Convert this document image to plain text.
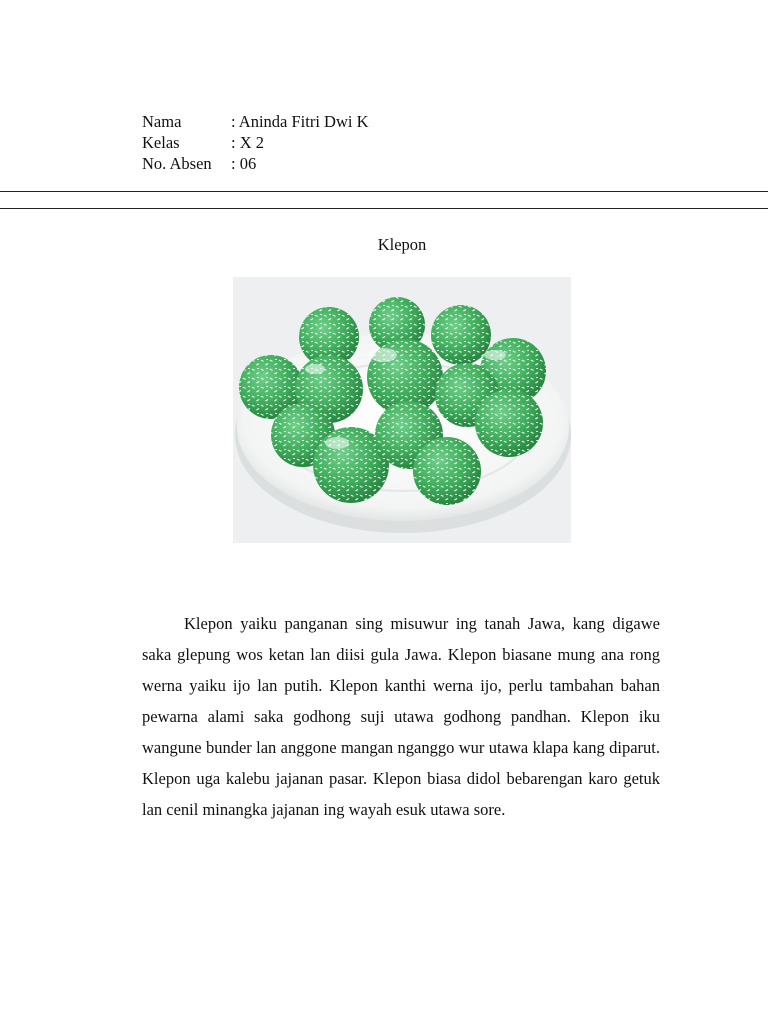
Nama	: Aninda Fitri Dwi K
Kelas	: X 2
No. Absen	: 06
Klepon

Klepon yaiku panganan sing misuwur ing tanah Jawa, kang digawe saka glepung wos ketan lan diisi gula Jawa. Klepon biasane mung ana rong werna yaiku ijo lan putih. Klepon kanthi werna ijo, perlu tambahan bahan pewarna alami saka godhong suji utawa godhong pandhan. Klepon iku wangune bunder lan anggone mangan nganggo wur utawa klapa kang diparut. Klepon uga kalebu jajanan pasar. Klepon biasa didol bebarengan karo getuk lan cenil minangka jajanan ing wayah esuk utawa sore.
